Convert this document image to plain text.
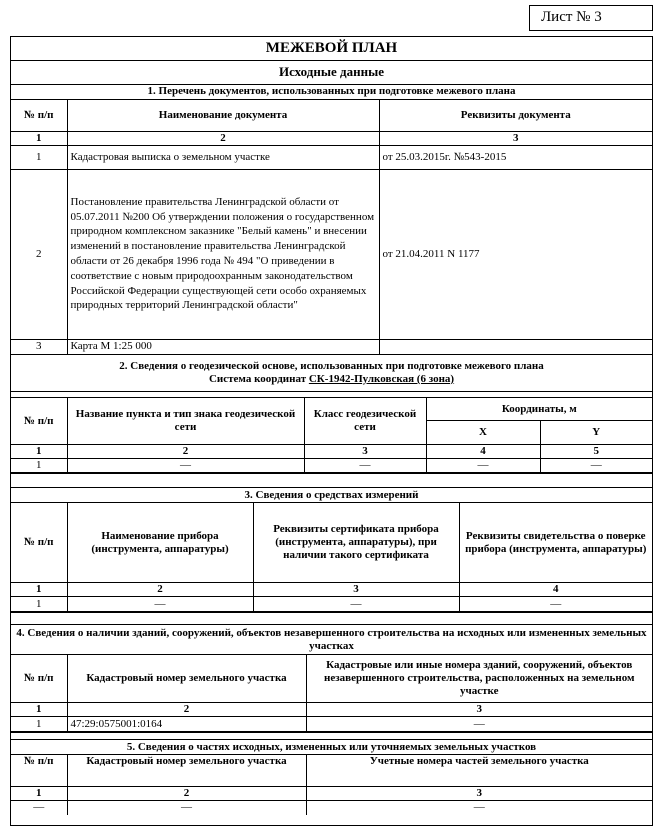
Лист № 3
МЕЖЕВОЙ ПЛАН		
Исходные данные		
1. Перечень документов, использованных при подготовке межевого плана		
№ п/п	Наименование документа	Реквизиты документа
1	2	3
1	Кадастровая выписка о земельном участке	от 25.03.2015г. №543-2015
2	Постановление правительства Ленинградской области от 05.07.2011 №200 Об утверждении положения о государственном природном комплексном заказнике "Белый камень" и внесении изменений в постановление правительства Ленинградской области от 26 декабря 1996 года № 494 "О приведении в соответствие с новым природоохранным законодательством Российской Федерации существующей сети особо охраняемых природных территорий Ленинградской области"	от 21.04.2011 N 1177
3	Карта М 1:25 000	
2. Сведения о геодезической основе, использованных при подготовке межевого плана
Система координат СК-1942-Пулковская (6 зона)				

№ п/п	Название пункта и тип знака геодезической сети	Класс геодезической сети	Координаты, м	
			X	Y
1	2	3	4	5
1	—	—	—	—

3. Сведения о средствах измерений			
№ п/п	Наименование прибора (инструмента, аппаратуры)	Реквизиты сертификата прибора (инструмента, аппаратуры), при наличии такого сертификата	Реквизиты свидетельства о поверке прибора (инструмента, аппаратуры)
1	2	3	4
1	—	—	—

4. Сведения о наличии зданий, сооружений, объектов незавершенного строительства на исходных или измененных земельных участках		
№ п/п	Кадастровый номер земельного участка	Кадастровые или иные номера зданий, сооружений, объектов незавершенного строительства, расположенных на земельном участке
1	2	3
1	47:29:0575001:0164	—

5. Сведения о частях исходных, измененных или уточняемых земельных участков		
№ п/п	Кадастровый номер земельного участка	Учетные номера частей земельного участка
1	2	3
—	—	—
